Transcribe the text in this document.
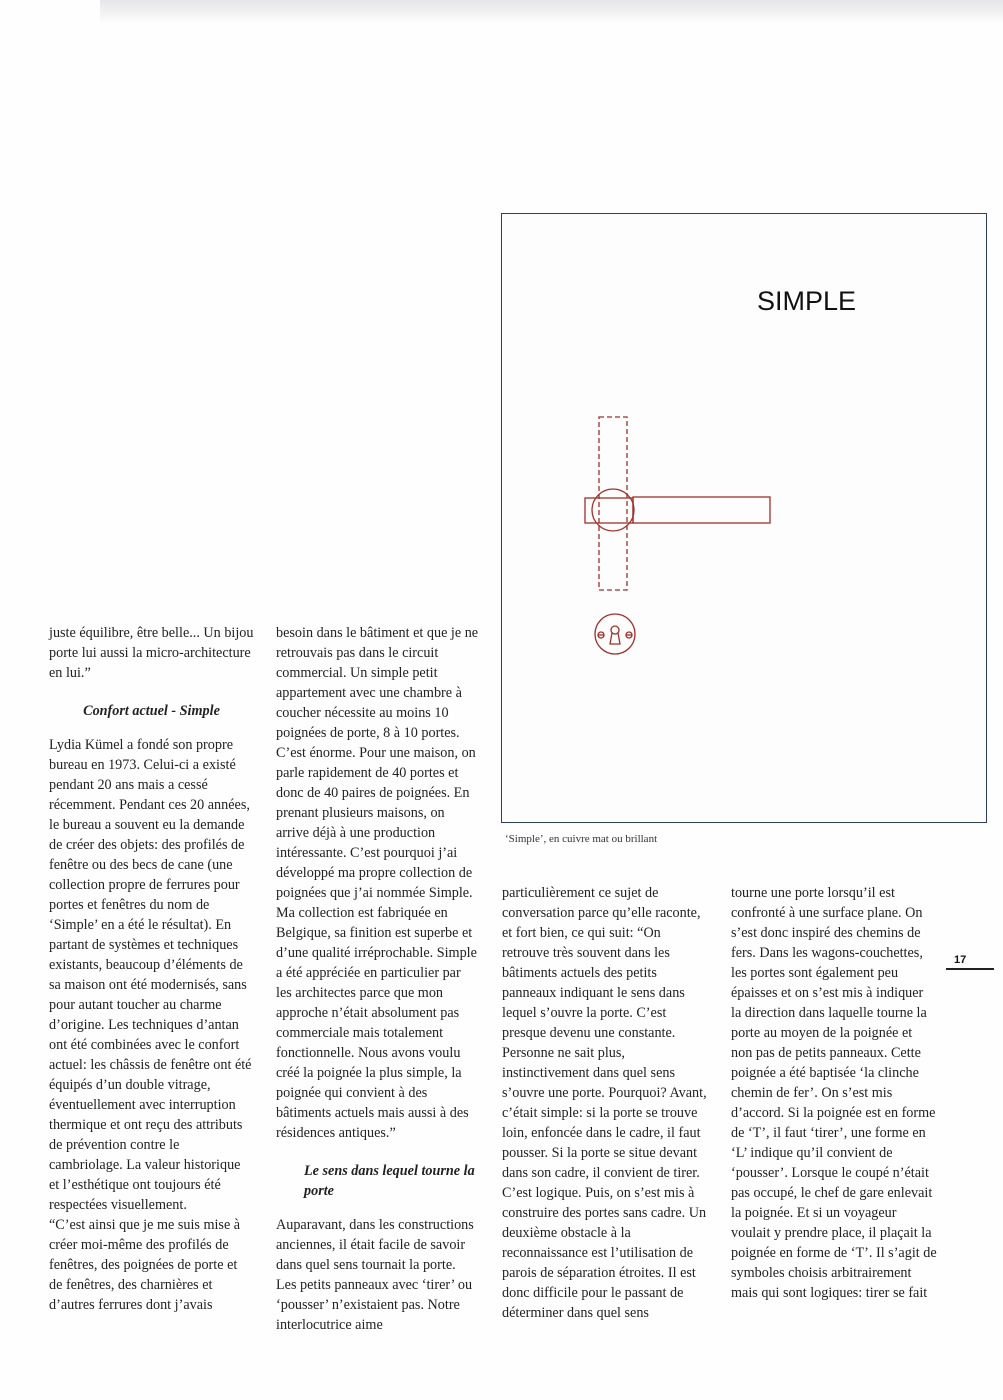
juste équilibre, être belle... Un bijou porte lui aussi la micro-architecture en lui.”

Confort actuel - Simple

Lydia Kümel a fondé son propre bureau en 1973. Celui-ci a existé pendant 20 ans mais a cessé récemment. Pendant ces 20 années, le bureau a souvent eu la demande de créer des objets: des profilés de fenêtre ou des becs de cane (une collection propre de ferrures pour portes et fenêtres du nom de ‘Simple’ en a été le résultat). En partant de systèmes et techniques existants, beaucoup d’éléments de sa maison ont été modernisés, sans pour autant toucher au charme d’origine. Les techniques d’antan ont été combinées avec le confort actuel: les châssis de fenêtre ont été équipés d’un double vitrage, éventuellement avec interruption thermique et ont reçu des attributs de prévention contre le cambriolage. La valeur historique et l’esthétique ont toujours été respectées visuellement.

“C’est ainsi que je me suis mise à créer moi-même des profilés de fenêtres, des poignées de porte et de fenêtres, des charnières et d’autres ferrures dont j’avais

besoin dans le bâtiment et que je ne retrouvais pas dans le circuit commercial. Un simple petit appartement avec une chambre à coucher nécessite au moins 10 poignées de porte, 8 à 10 portes. C’est énorme. Pour une maison, on parle rapidement de 40 portes et donc de 40 paires de poignées. En prenant plusieurs maisons, on arrive déjà à une production intéressante. C’est pourquoi j’ai développé ma propre collection de poignées que j’ai nommée Simple. Ma collection est fabriquée en Belgique, sa finition est superbe et d’une qualité irréprochable. Simple a été appréciée en particulier par les architectes parce que mon approche n’était absolument pas commerciale mais totalement fonctionnelle. Nous avons voulu créé la poignée la plus simple, la poignée qui convient à des bâtiments actuels mais aussi à des résidences antiques.”

Le sens dans lequel tourne la porte

Auparavant, dans les constructions anciennes, il était facile de savoir dans quel sens tournait la porte. Les petits panneaux avec ‘tirer’ ou ‘pousser’ n’existaient pas. Notre interlocutrice aime

SIMPLE
‘Simple’, en cuivre mat ou brillant

particulièrement ce sujet de conversation parce qu’elle raconte, et fort bien, ce qui suit: “On retrouve très souvent dans les bâtiments actuels des petits panneaux indiquant le sens dans lequel s’ouvre la porte. C’est presque devenu une constante. Personne ne sait plus, instinctivement dans quel sens s’ouvre une porte. Pourquoi? Avant, c’était simple: si la porte se trouve loin, enfoncée dans le cadre, il faut pousser. Si la porte se situe devant dans son cadre, il convient de tirer. C’est logique. Puis, on s’est mis à construire des portes sans cadre. Un deuxième obstacle à la reconnaissance est l’utilisation de parois de séparation étroites. Il est donc difficile pour le passant de déterminer dans quel sens

tourne une porte lorsqu’il est confronté à une surface plane. On s’est donc inspiré des chemins de fers. Dans les wagons-couchettes, les portes sont également peu épaisses et on s’est mis à indiquer la direction dans laquelle tourne la porte au moyen de la poignée et non pas de petits panneaux. Cette poignée a été baptisée ‘la clinche chemin de fer’. On s’est mis d’accord. Si la poignée est en forme de ‘T’, il faut ‘tirer’, une forme en ‘L’ indique qu’il convient de ‘pousser’. Lorsque le coupé n’était pas occupé, le chef de gare enlevait la poignée. Et si un voyageur voulait y prendre place, il plaçait la poignée en forme de ‘T’. Il s’agit de symboles choisis arbitrairement mais qui sont logiques: tirer se fait

17
